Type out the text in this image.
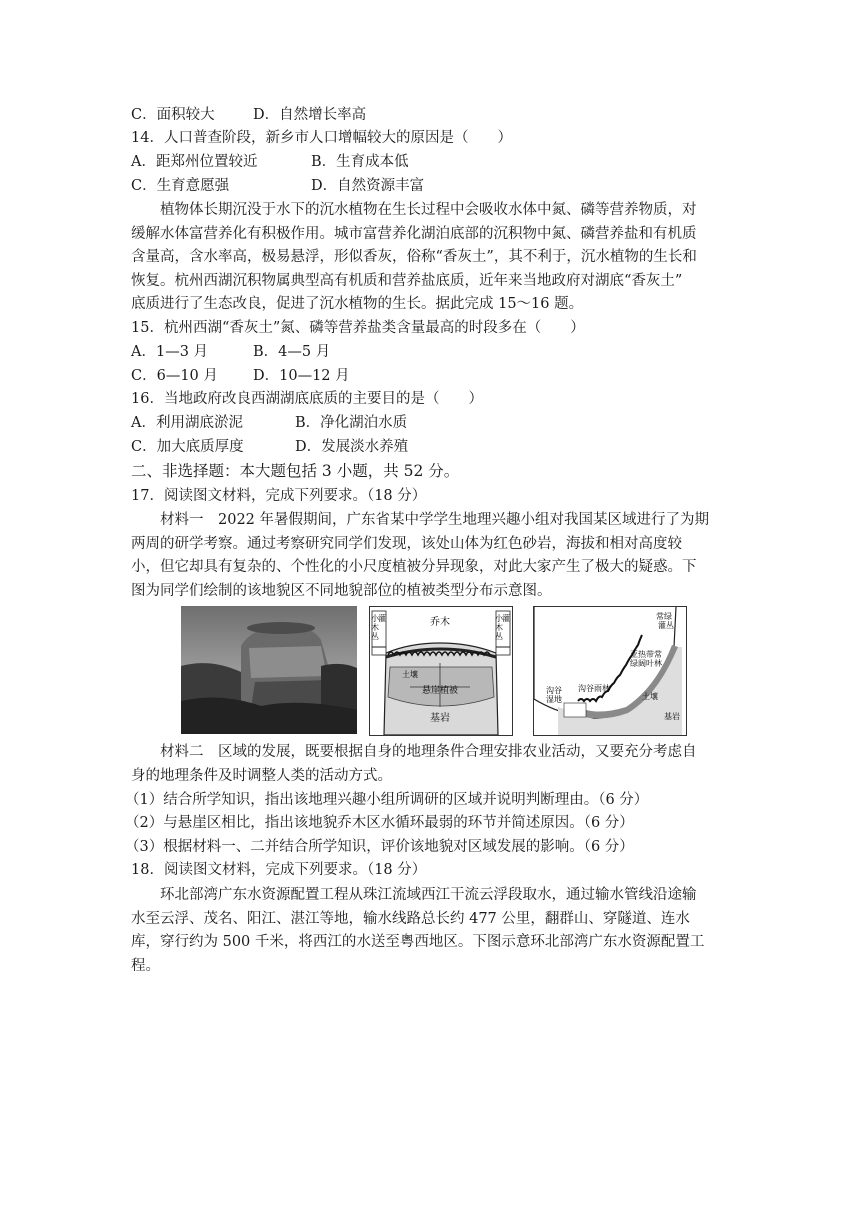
C．面积较大	D．自然增长率高
14．人口普查阶段，新乡市人口增幅较大的原因是（　　）
A．距郑州位置较近	B．生育成本低
C．生育意愿强	D．自然资源丰富
植物体长期沉没于水下的沉水植物在生长过程中会吸收水体中氮、磷等营养物质，对
缓解水体富营养化有积极作用。城市富营养化湖泊底部的沉积物中氮、磷营养盐和有机质
含量高，含水率高，极易悬浮，形似香灰，俗称“香灰土”，其不利于，沉水植物的生长和
恢复。杭州西湖沉积物属典型高有机质和营养盐底质，近年来当地政府对湖底“香灰土”
底质进行了生态改良，促进了沉水植物的生长。据此完成 15～16 题。
15．杭州西湖“香灰土”氮、磷等营养盐类含量最高的时段多在（　　）
A．1—3 月	B．4—5 月
C．6—10 月 D．10—12 月
16．当地政府改良西湖湖底底质的主要目的是（　　）
A．利用湖底淤泥	B．净化湖泊水质
C．加大底质厚度	D．发展淡水养殖
二、非选择题：本大题包括 3 小题，共 52 分。
17．阅读图文材料，完成下列要求。（18 分）
材料一　2022 年暑假期间，广东省某中学学生地理兴趣小组对我国某区域进行了为期
两周的研学考察。通过考察研究同学们发现，该处山体为红色砂岩，海拔和相对高度较
小，但它却具有复杂的、个性化的小尺度植被分异现象，对此大家产生了极大的疑惑。下
图为同学们绘制的该地貌区不同地貌部位的植被类型分布示意图。
小木丛灌	小木丛灌
乔木
土壤
悬崖植被
基岩
沟谷湿地
沟谷雨林
亚热带常绿阔叶林
常绿灌丛
土壤
基岩
材料二　区域的发展，既要根据自身的地理条件合理安排农业活动，又要充分考虑自
身的地理条件及时调整人类的活动方式。
（1）结合所学知识，指出该地理兴趣小组所调研的区域并说明判断理由。（6 分）
（2）与悬崖区相比，指出该地貌乔木区水循环最弱的环节并简述原因。（6 分）
（3）根据材料一、二并结合所学知识，评价该地貌对区域发展的影响。（6 分）
18．阅读图文材料，完成下列要求。（18 分）
环北部湾广东水资源配置工程从珠江流域西江干流云浮段取水，通过输水管线沿途输
水至云浮、茂名、阳江、湛江等地，输水线路总长约 477 公里，翻群山、穿隧道、连水
库，穿行约为 500 千米，将西江的水送至粤西地区。下图示意环北部湾广东水资源配置工
程。
